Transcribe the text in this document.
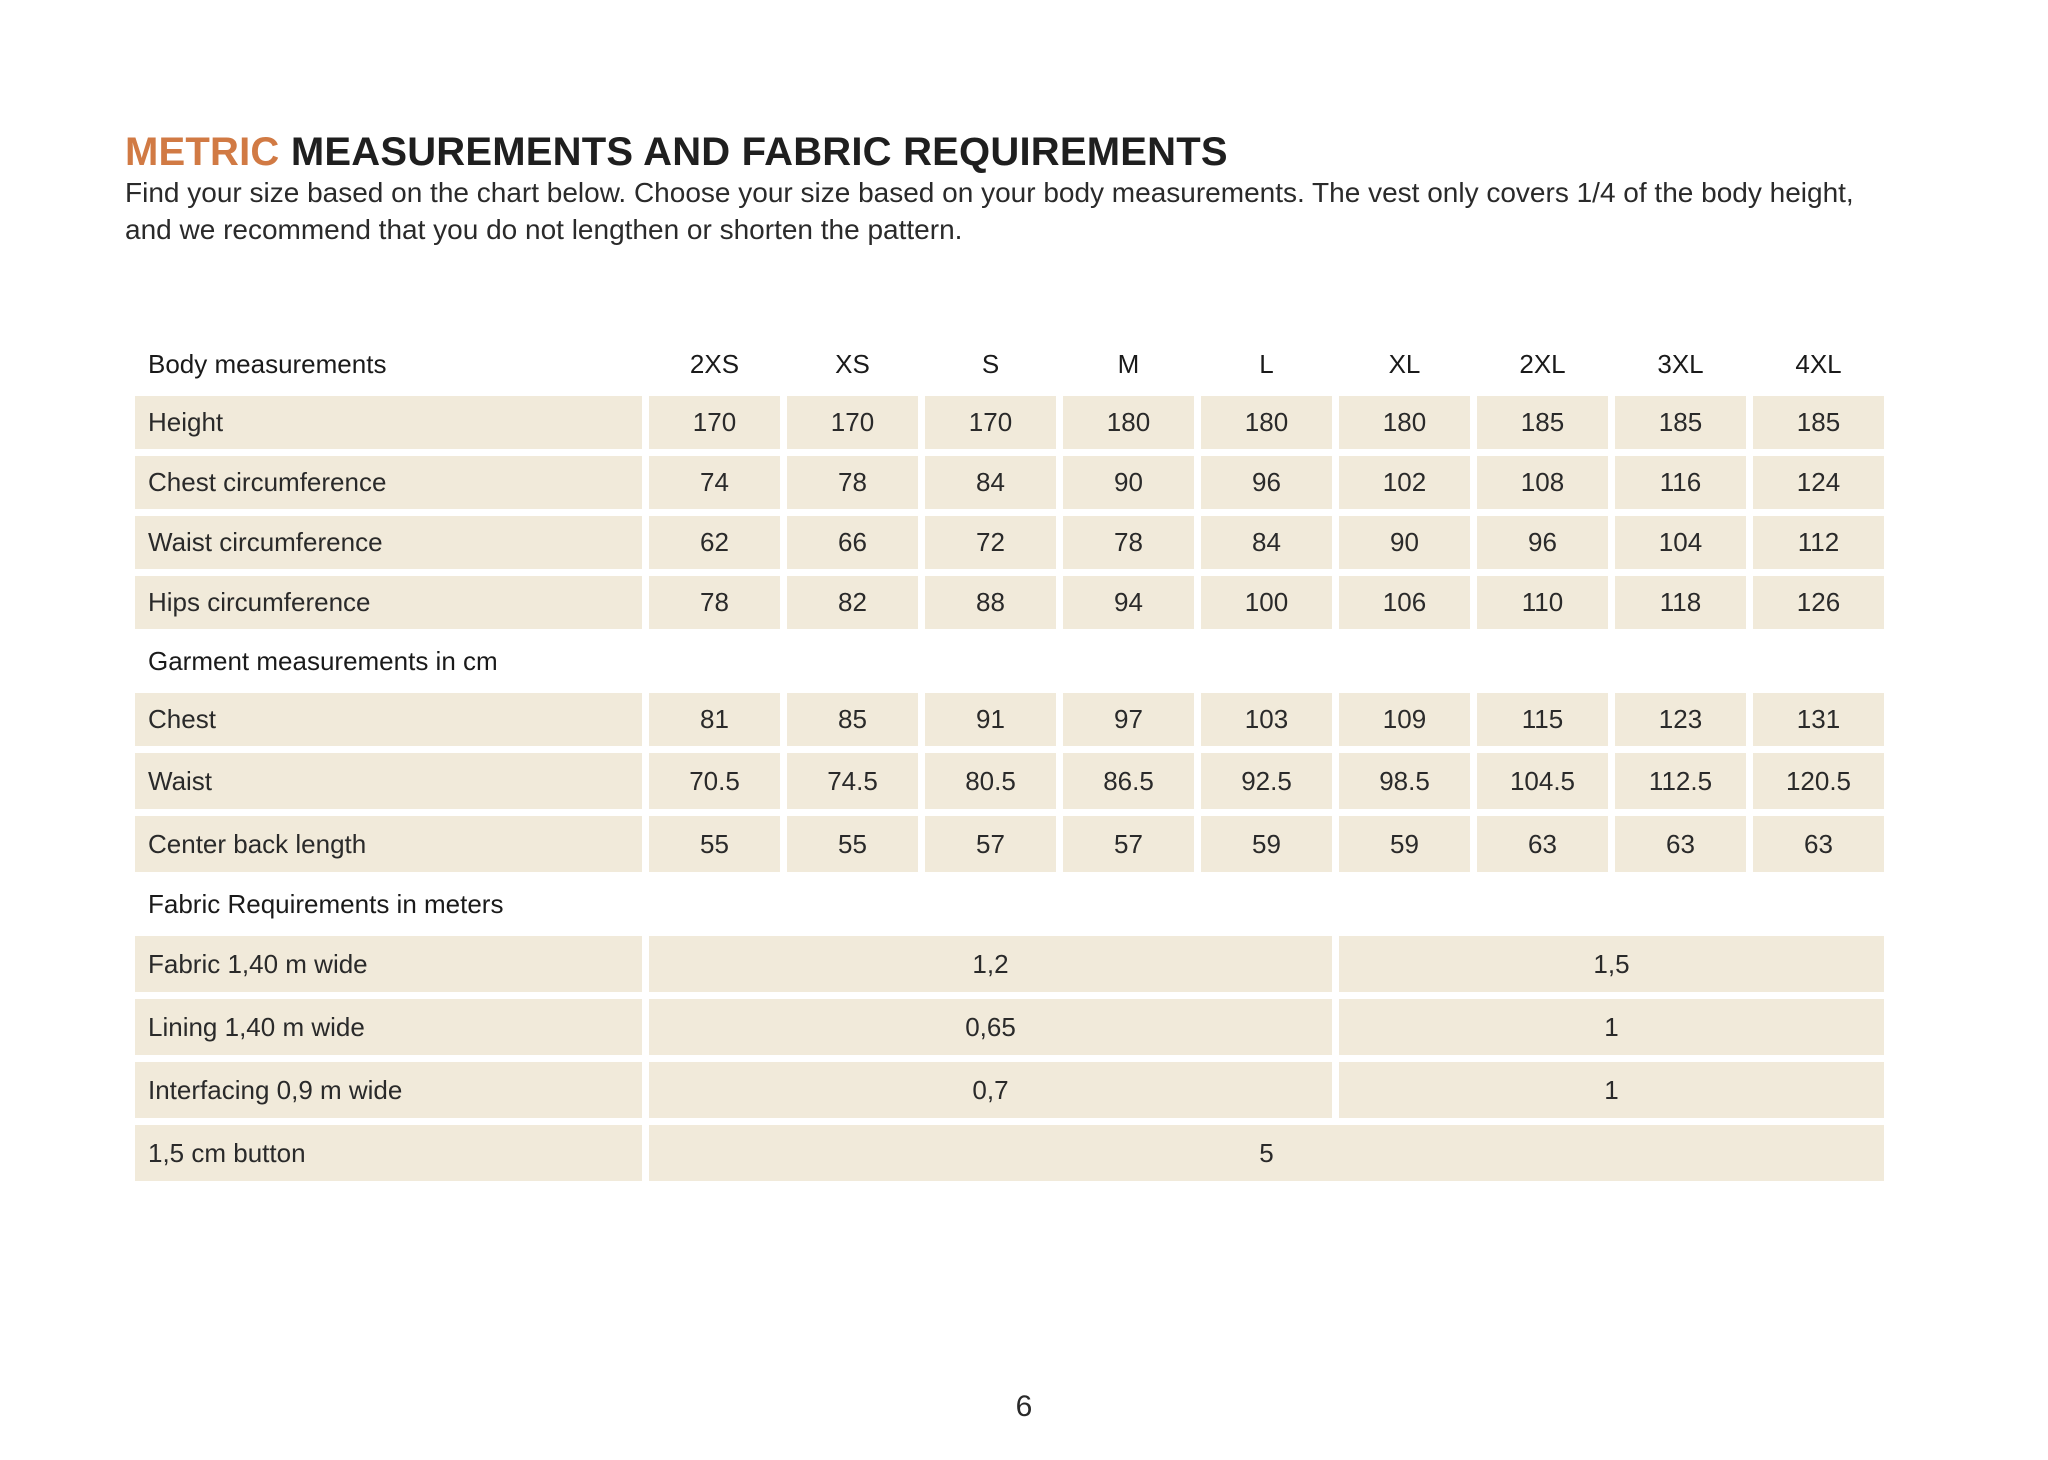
METRIC MEASUREMENTS AND FABRIC REQUIREMENTS

Find your size based on the chart below. Choose your size based on your body measurements. The vest only covers 1/4 of the body height, and we recommend that you do not lengthen or shorten the pattern.

Body measurements	2XS	XS	S	M	L	XL	2XL	3XL	4XL
Height	170	170	170	180	180	180	185	185	185
Chest circumference	74	78	84	90	96	102	108	116	124
Waist circumference	62	66	72	78	84	90	96	104	112
Hips circumference	78	82	88	94	100	106	110	118	126
Garment measurements in cm									
Chest	81	85	91	97	103	109	115	123	131
Waist	70.5	74.5	80.5	86.5	92.5	98.5	104.5	112.5	120.5
Center back length	55	55	57	57	59	59	63	63	63
Fabric Requirements in meters									
Fabric 1,40 m wide	1,2					1,5			
Lining 1,40 m wide	0,65					1			
Interfacing 0,9 m wide	0,7					1			
1,5 cm button	5								
6
